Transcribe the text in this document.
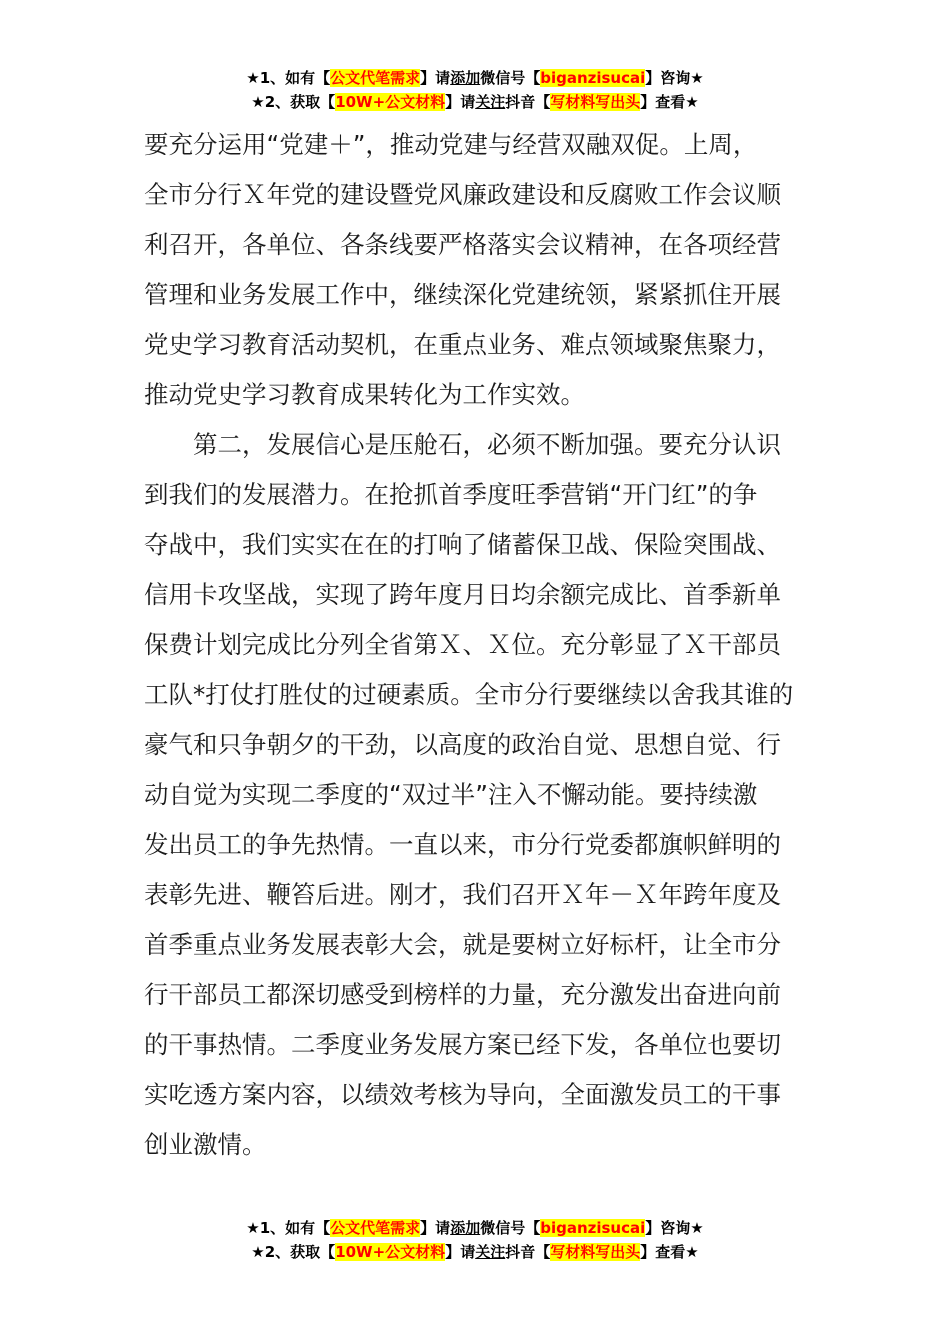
★1、如有【公文代笔需求】请添加微信号【biganzisucai】咨询★
★2、获取【10W+公文材料】请关注抖音【写材料写出头】查看★
要充分运用“党建＋”，推动党建与经营双融双促。上周，
全市分行Ｘ年党的建设暨党风廉政建设和反腐败工作会议顺
利召开，各单位、各条线要严格落实会议精神，在各项经营
管理和业务发展工作中，继续深化党建统领，紧紧抓住开展
党史学习教育活动契机，在重点业务、难点领域聚焦聚力，
推动党史学习教育成果转化为工作实效。
　　第二，发展信心是压舱石，必须不断加强。要充分认识
到我们的发展潜力。在抢抓首季度旺季营销“开门红”的争
夺战中，我们实实在在的打响了储蓄保卫战、保险突围战、
信用卡攻坚战，实现了跨年度月日均余额完成比、首季新单
保费计划完成比分列全省第Ｘ、Ｘ位。充分彰显了Ｘ干部员
工队*打仗打胜仗的过硬素质。全市分行要继续以舍我其谁的
豪气和只争朝夕的干劲，以高度的政治自觉、思想自觉、行
动自觉为实现二季度的“双过半”注入不懈动能。要持续激
发出员工的争先热情。一直以来，市分行党委都旗帜鲜明的
表彰先进、鞭笞后进。刚才，我们召开Ｘ年－Ｘ年跨年度及
首季重点业务发展表彰大会，就是要树立好标杆，让全市分
行干部员工都深切感受到榜样的力量，充分激发出奋进向前
的干事热情。二季度业务发展方案已经下发，各单位也要切
实吃透方案内容，以绩效考核为导向，全面激发员工的干事
创业激情。
★1、如有【公文代笔需求】请添加微信号【biganzisucai】咨询★
★2、获取【10W+公文材料】请关注抖音【写材料写出头】查看★
